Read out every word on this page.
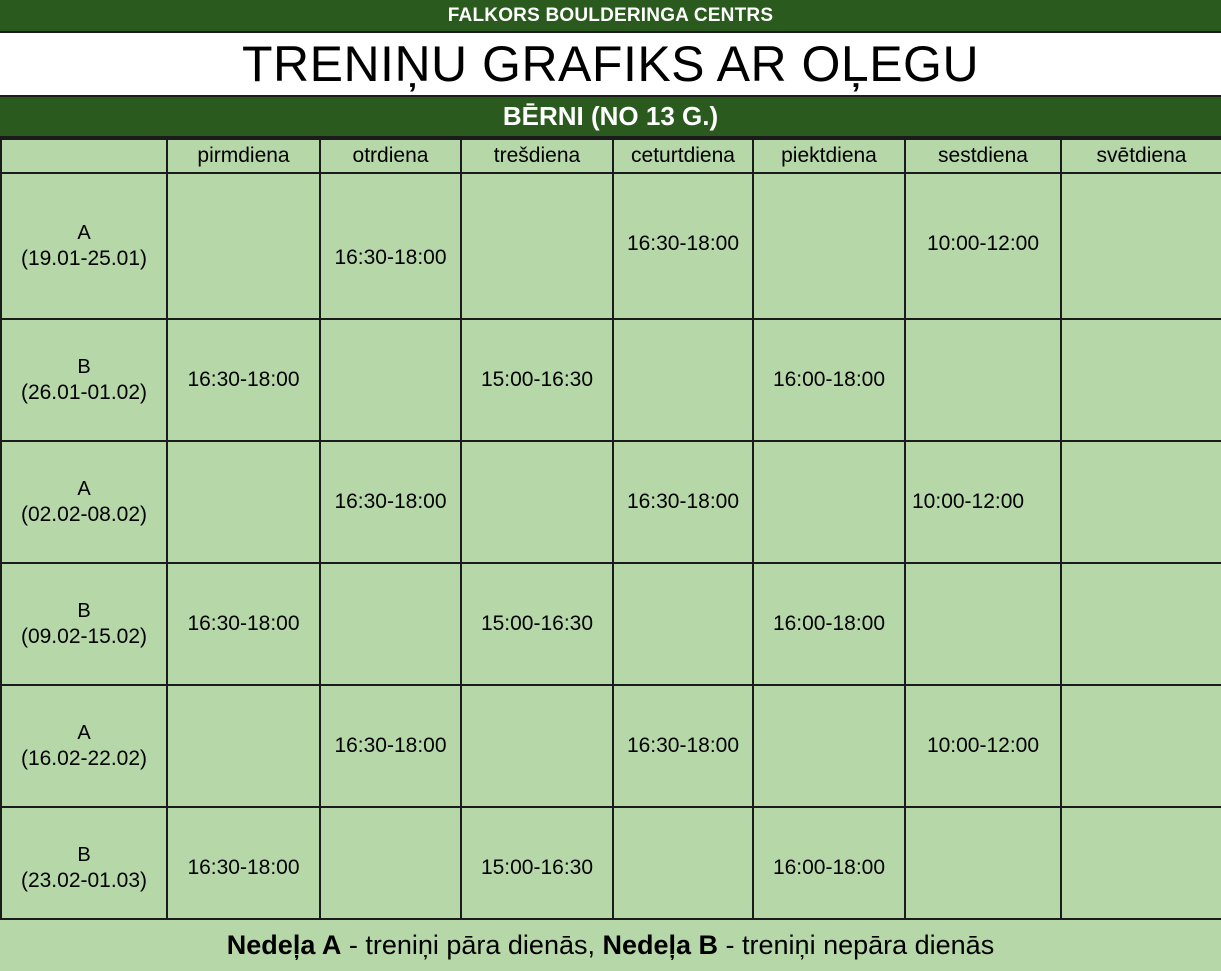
FALKORS BOULDERINGA CENTRS
TRENIŅU GRAFIKS AR OĻEGU
BĒRNI (NO 13 G.)
	pirmdiena	otrdiena	trešdiena	ceturtdiena	piektdiena	sestdiena	svētdiena

A
(19.01-25.01)		16:30-18:00		16:30-18:00		10:00-12:00	

B
(26.01-01.02)	16:30-18:00		15:00-16:30		16:00-18:00		

A
(02.02-08.02)		16:30-18:00		16:30-18:00		10:00-12:00	

B
(09.02-15.02)	16:30-18:00		15:00-16:30		16:00-18:00		

A
(16.02-22.02)		16:30-18:00		16:30-18:00		10:00-12:00	

B
(23.02-01.03)	16:30-18:00		15:00-16:30		16:00-18:00		
Nedeļa A - treniņi pāra dienās, Nedeļa B - treniņi nepāra dienās
